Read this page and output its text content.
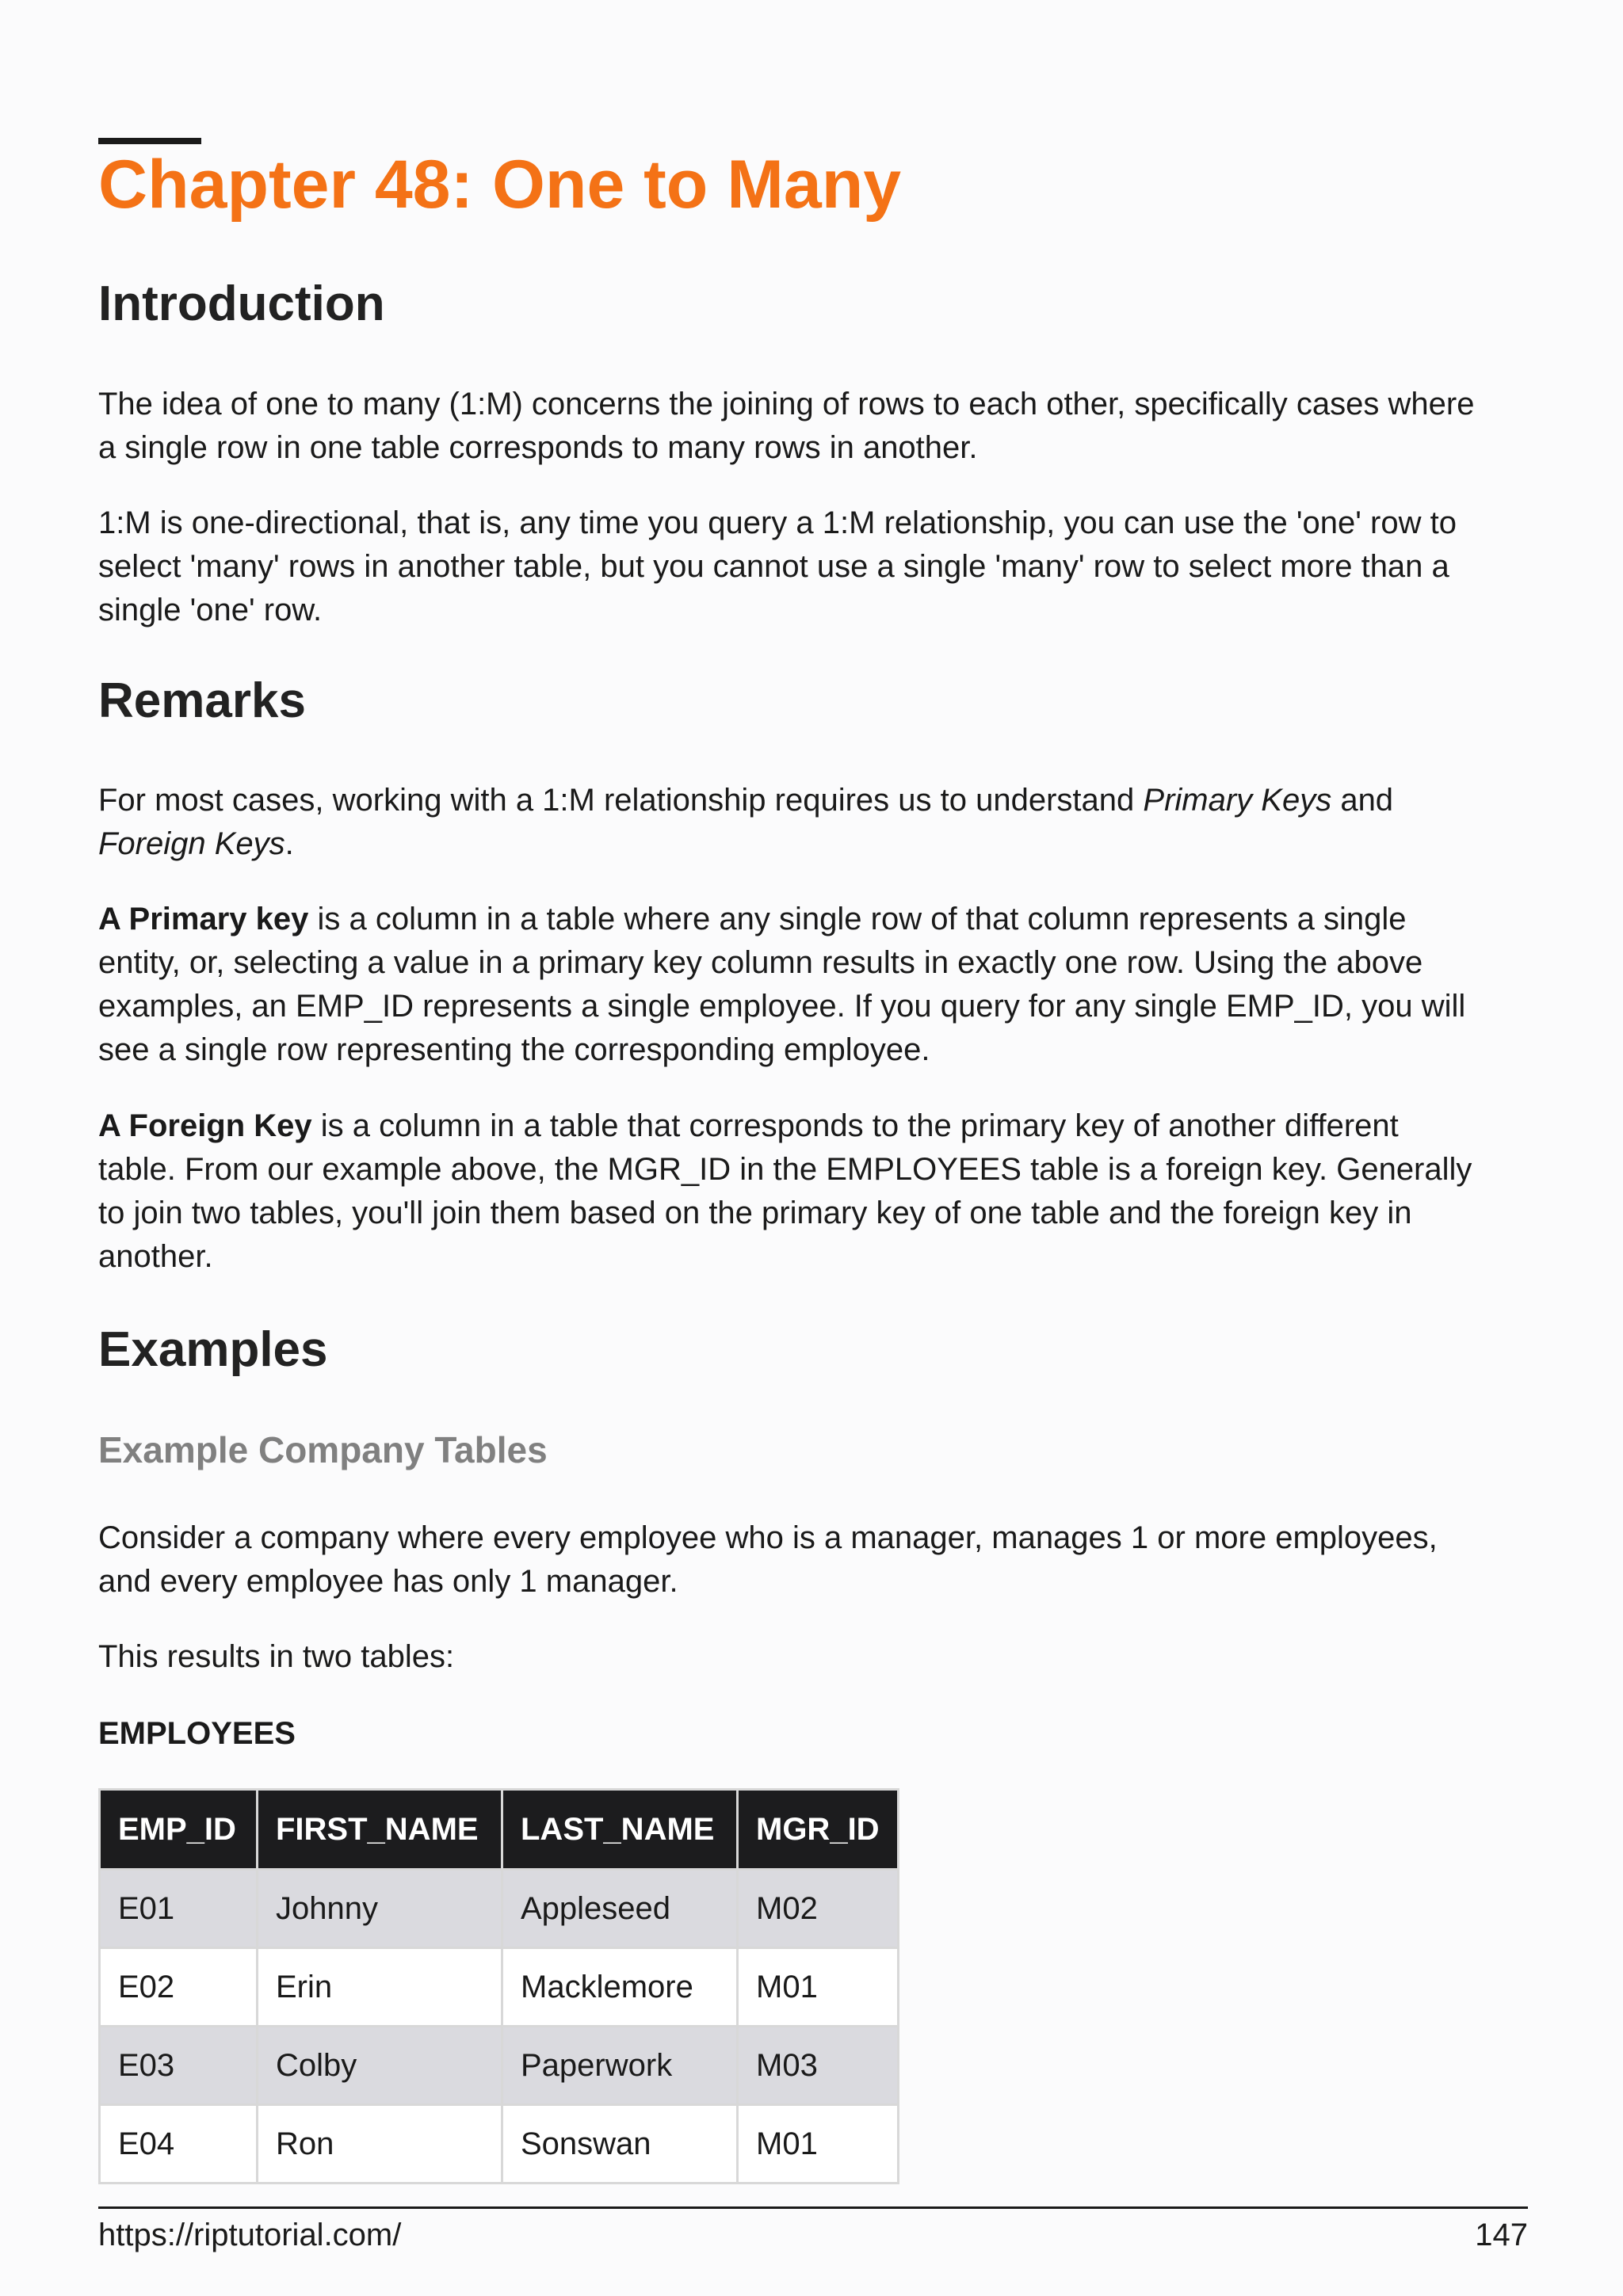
Chapter 48: One to Many
Introduction

The idea of one to many (1:M) concerns the joining of rows to each other, specifically cases where
a single row in one table corresponds to many rows in another.

1:M is one-directional, that is, any time you query a 1:M relationship, you can use the 'one' row to
select 'many' rows in another table, but you cannot use a single 'many' row to select more than a
single 'one' row.

Remarks

For most cases, working with a 1:M relationship requires us to understand Primary Keys and
Foreign Keys.

A Primary key is a column in a table where any single row of that column represents a single
entity, or, selecting a value in a primary key column results in exactly one row. Using the above
examples, an EMP_ID represents a single employee. If you query for any single EMP_ID, you will
see a single row representing the corresponding employee.

A Foreign Key is a column in a table that corresponds to the primary key of another different
table. From our example above, the MGR_ID in the EMPLOYEES table is a foreign key. Generally
to join two tables, you'll join them based on the primary key of one table and the foreign key in
another.

Examples
Example Company Tables

Consider a company where every employee who is a manager, manages 1 or more employees,
and every employee has only 1 manager.

This results in two tables:

EMPLOYEES

EMP_ID	FIRST_NAME	LAST_NAME	MGR_ID
E01	Johnny	Appleseed	M02
E02	Erin	Macklemore	M01
E03	Colby	Paperwork	M03
E04	Ron	Sonswan	M01
https://riptutorial.com/	147
